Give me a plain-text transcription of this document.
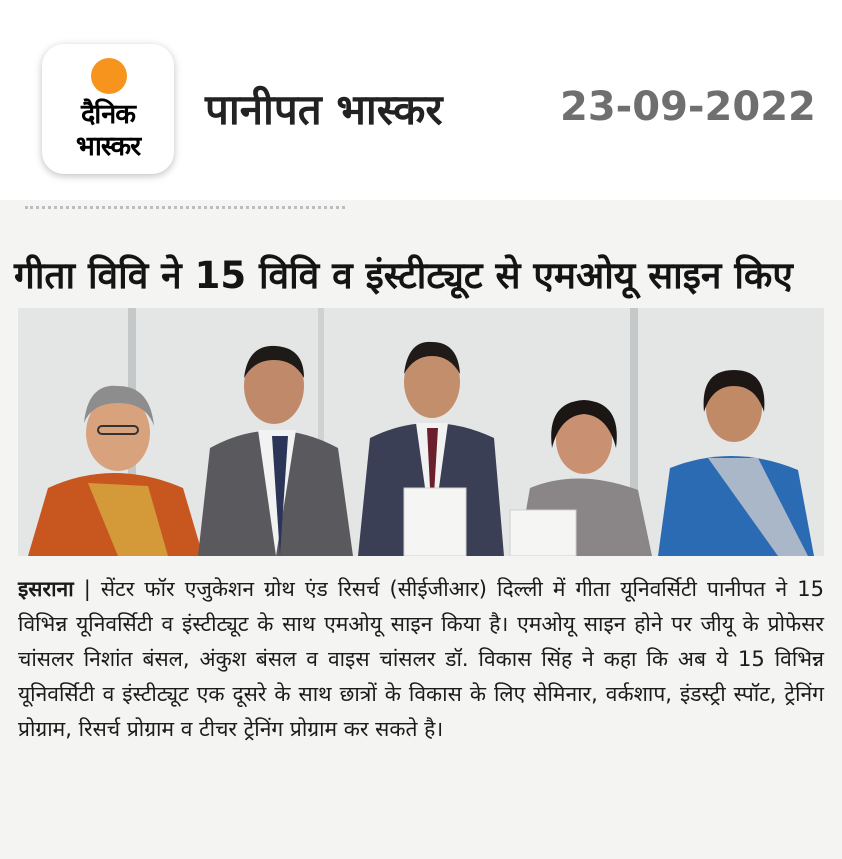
दैनिक
भास्कर
पानीपत भास्कर	23-09-2022
गीता विवि ने 15 विवि व इंस्टीट्यूट से एमओयू साइन किए
इसराना | सेंटर फॉर एजुकेशन ग्रोथ एंड रिसर्च (सीईजीआर) दिल्ली में गीता यूनिवर्सिटी पानीपत ने 15 विभिन्न यूनिवर्सिटी व इंस्टीट्यूट के साथ एमओयू साइन किया है। एमओयू साइन होने पर जीयू के प्रोफेसर चांसलर निशांत बंसल, अंकुश बंसल व वाइस चांसलर डॉ. विकास सिंह ने कहा कि अब ये 15 विभिन्न यूनिवर्सिटी व इंस्टीट्यूट एक दूसरे के साथ छात्रों के विकास के लिए सेमिनार, वर्कशाप, इंडस्ट्री स्पॉट, ट्रेनिंग प्रोग्राम, रिसर्च प्रोग्राम व टीचर ट्रेनिंग प्रोग्राम कर सकते है।
